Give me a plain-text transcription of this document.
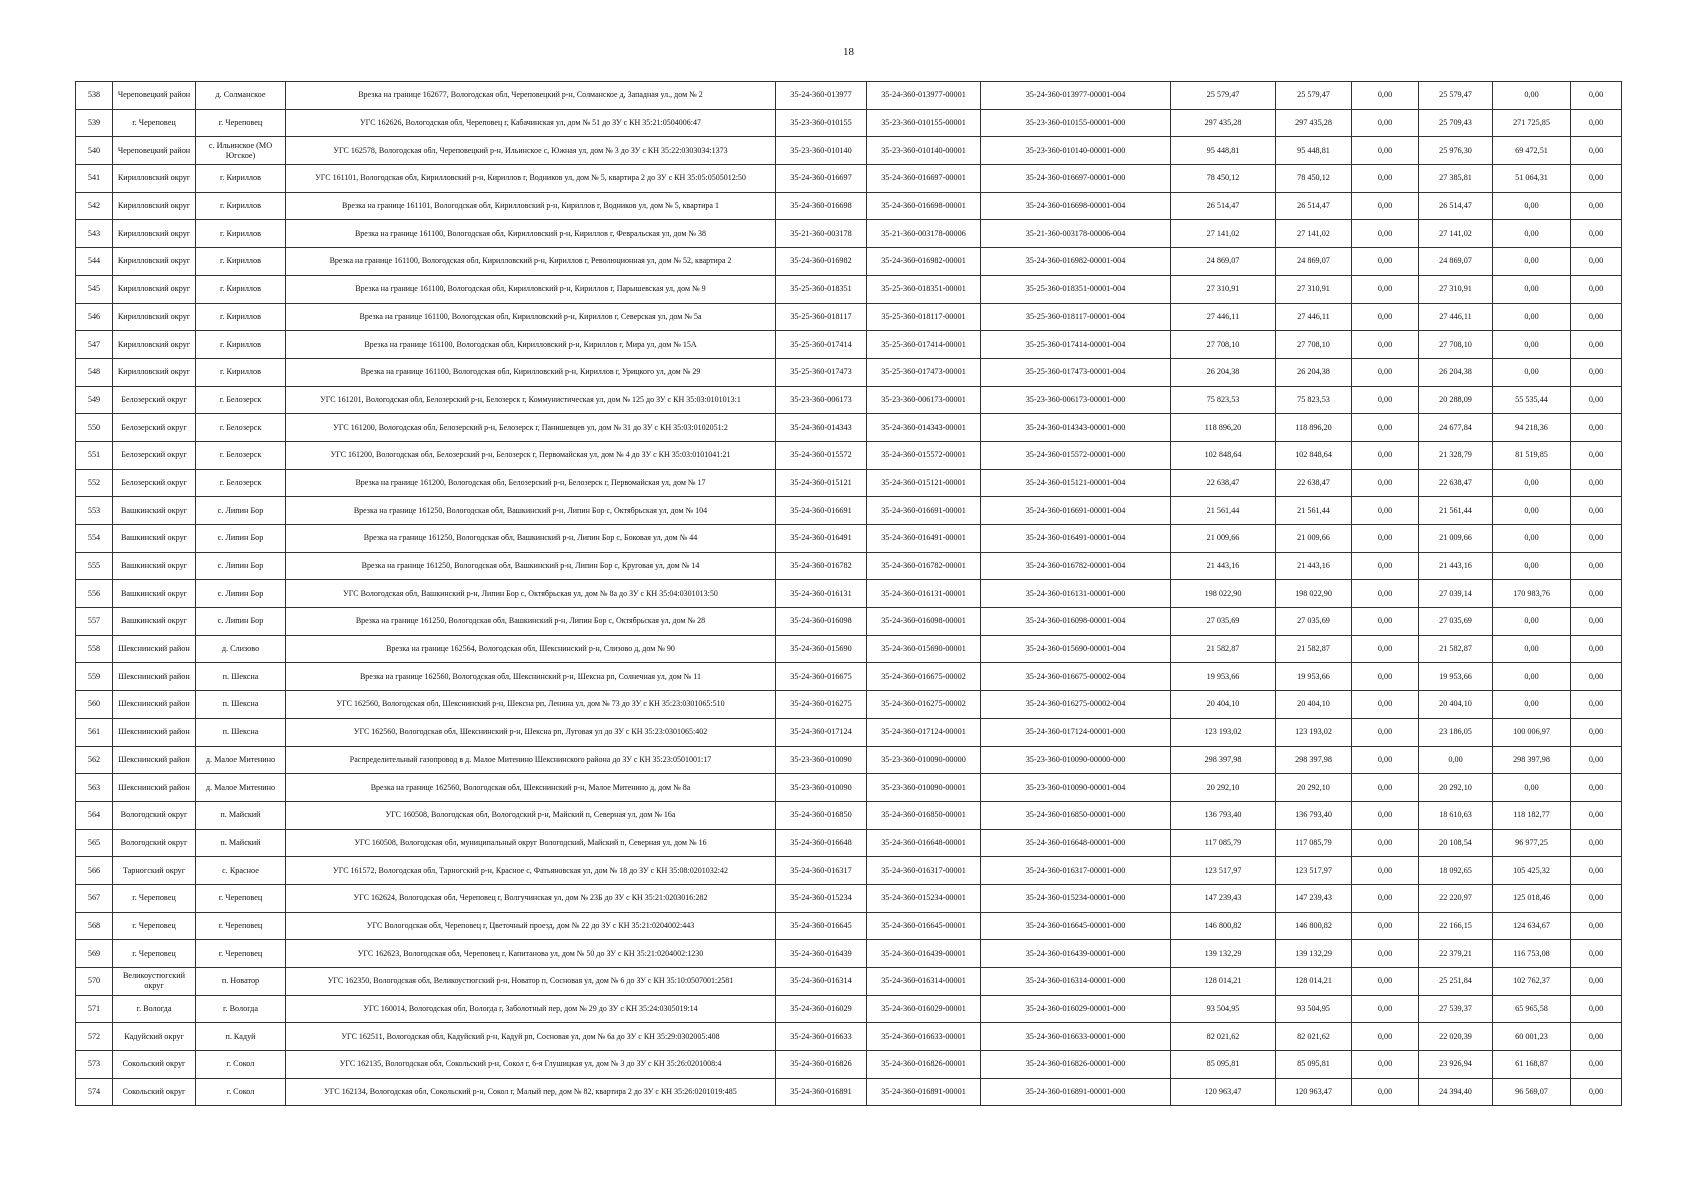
18
538	Череповецкий район	д. Солманское	Врезка на границе 162677, Вологодская обл, Череповецкий р-н, Солманское д, Западная ул., дом № 2	35-24-360-013977	35-24-360-013977-00001	35-24-360-013977-00001-004	25 579,47	25 579,47	0,00	25 579,47	0,00	0,00
539	г. Череповец	г. Череповец	УГС 162626, Вологодская обл, Череповец г, Кабачинская ул, дом № 51 до ЗУ с КН 35:21:0504006:47	35-23-360-010155	35-23-360-010155-00001	35-23-360-010155-00001-000	297 435,28	297 435,28	0,00	25 709,43	271 725,85	0,00
540	Череповецкий район	с. Ильинское (МО Югское)	УГС 162578, Вологодская обл, Череповецкий р-н, Ильинское с, Южная ул, дом № 3 до ЗУ с КН 35:22:0303034:1373	35-23-360-010140	35-23-360-010140-00001	35-23-360-010140-00001-000	95 448,81	95 448,81	0,00	25 976,30	69 472,51	0,00
541	Кирилловский округ	г. Кириллов	УГС 161101, Вологодская обл, Кирилловский р-н, Кириллов г, Водников ул, дом № 5, квартира 2 до ЗУ с КН 35:05:0505012:50	35-24-360-016697	35-24-360-016697-00001	35-24-360-016697-00001-000	78 450,12	78 450,12	0,00	27 385,81	51 064,31	0,00
542	Кирилловский округ	г. Кириллов	Врезка на границе 161101, Вологодская обл, Кирилловский р-н, Кириллов г, Водников ул, дом № 5, квартира 1	35-24-360-016698	35-24-360-016698-00001	35-24-360-016698-00001-004	26 514,47	26 514,47	0,00	26 514,47	0,00	0,00
543	Кирилловский округ	г. Кириллов	Врезка на границе 161100, Вологодская обл, Кирилловский р-н, Кириллов г, Февральская ул, дом № 38	35-21-360-003178	35-21-360-003178-00006	35-21-360-003178-00006-004	27 141,02	27 141,02	0,00	27 141,02	0,00	0,00
544	Кирилловский округ	г. Кириллов	Врезка на границе 161100, Вологодская обл, Кирилловский р-н, Кириллов г, Революционная ул, дом № 52, квартира 2	35-24-360-016982	35-24-360-016982-00001	35-24-360-016982-00001-004	24 869,07	24 869,07	0,00	24 869,07	0,00	0,00
545	Кирилловский округ	г. Кириллов	Врезка на границе 161100, Вологодская обл, Кирилловский р-н, Кириллов г, Парышевская ул, дом № 9	35-25-360-018351	35-25-360-018351-00001	35-25-360-018351-00001-004	27 310,91	27 310,91	0,00	27 310,91	0,00	0,00
546	Кирилловский округ	г. Кириллов	Врезка на границе 161100, Вологодская обл, Кирилловский р-н, Кириллов г, Северская ул, дом № 5а	35-25-360-018117	35-25-360-018117-00001	35-25-360-018117-00001-004	27 446,11	27 446,11	0,00	27 446,11	0,00	0,00
547	Кирилловский округ	г. Кириллов	Врезка на границе 161100, Вологодская обл, Кирилловский р-н, Кириллов г, Мира ул, дом № 15А	35-25-360-017414	35-25-360-017414-00001	35-25-360-017414-00001-004	27 708,10	27 708,10	0,00	27 708,10	0,00	0,00
548	Кирилловский округ	г. Кириллов	Врезка на границе 161100, Вологодская обл, Кирилловский р-н, Кириллов г, Урицкого ул, дом № 29	35-25-360-017473	35-25-360-017473-00001	35-25-360-017473-00001-004	26 204,38	26 204,38	0,00	26 204,38	0,00	0,00
549	Белозерский округ	г. Белозерск	УГС 161201, Вологодская обл, Белозерский р-н, Белозерск г, Коммунистическая ул, дом № 125 до ЗУ с КН 35:03:0101013:1	35-23-360-006173	35-23-360-006173-00001	35-23-360-006173-00001-000	75 823,53	75 823,53	0,00	20 288,09	55 535,44	0,00
550	Белозерский округ	г. Белозерск	УГС 161200, Вологодская обл, Белозерский р-н, Белозерск г, Панишевцев ул, дом № 31 до ЗУ с КН 35:03:0102051:2	35-24-360-014343	35-24-360-014343-00001	35-24-360-014343-00001-000	118 896,20	118 896,20	0,00	24 677,84	94 218,36	0,00
551	Белозерский округ	г. Белозерск	УГС 161200, Вологодская обл, Белозерский р-н, Белозерск г, Первомайская ул, дом № 4 до ЗУ с КН 35:03:0101041:21	35-24-360-015572	35-24-360-015572-00001	35-24-360-015572-00001-000	102 848,64	102 848,64	0,00	21 328,79	81 519,85	0,00
552	Белозерский округ	г. Белозерск	Врезка на границе 161200, Вологодская обл, Белозерский р-н, Белозерск г, Первомайская ул, дом № 17	35-24-360-015121	35-24-360-015121-00001	35-24-360-015121-00001-004	22 638,47	22 638,47	0,00	22 638,47	0,00	0,00
553	Вашкинский округ	с. Липин Бор	Врезка на границе 161250, Вологодская обл, Вашкинский р-н, Липин Бор с, Октябрьская ул, дом № 104	35-24-360-016691	35-24-360-016691-00001	35-24-360-016691-00001-004	21 561,44	21 561,44	0,00	21 561,44	0,00	0,00
554	Вашкинский округ	с. Липин Бор	Врезка на границе 161250, Вологодская обл, Вашкинский р-н, Липин Бор с, Боковая ул, дом № 44	35-24-360-016491	35-24-360-016491-00001	35-24-360-016491-00001-004	21 009,66	21 009,66	0,00	21 009,66	0,00	0,00
555	Вашкинский округ	с. Липин Бор	Врезка на границе 161250, Вологодская обл, Вашкинский р-н, Липин Бор с, Круговая ул, дом № 14	35-24-360-016782	35-24-360-016782-00001	35-24-360-016782-00001-004	21 443,16	21 443,16	0,00	21 443,16	0,00	0,00
556	Вашкинский округ	с. Липин Бор	УГС Вологодская обл, Вашкинский р-н, Липин Бор с, Октябрьская ул, дом № 8а до ЗУ с КН 35:04:0301013:50	35-24-360-016131	35-24-360-016131-00001	35-24-360-016131-00001-000	198 022,90	198 022,90	0,00	27 039,14	170 983,76	0,00
557	Вашкинский округ	с. Липин Бор	Врезка на границе 161250, Вологодская обл, Вашкинский р-н, Липин Бор с, Октябрьская ул, дом № 28	35-24-360-016098	35-24-360-016098-00001	35-24-360-016098-00001-004	27 035,69	27 035,69	0,00	27 035,69	0,00	0,00
558	Шекснинский район	д. Слизово	Врезка на границе 162564, Вологодская обл, Шекснинский р-н, Слизово д, дом № 90	35-24-360-015690	35-24-360-015690-00001	35-24-360-015690-00001-004	21 582,87	21 582,87	0,00	21 582,87	0,00	0,00
559	Шекснинский район	п. Шексна	Врезка на границе 162560, Вологодская обл, Шекснинский р-н, Шексна рп, Солнечная ул, дом № 11	35-24-360-016675	35-24-360-016675-00002	35-24-360-016675-00002-004	19 953,66	19 953,66	0,00	19 953,66	0,00	0,00
560	Шекснинский район	п. Шексна	УГС 162560, Вологодская обл, Шекснинский р-н, Шексна рп, Ленина ул, дом № 73 до ЗУ с КН 35:23:0301065:510	35-24-360-016275	35-24-360-016275-00002	35-24-360-016275-00002-004	20 404,10	20 404,10	0,00	20 404,10	0,00	0,00
561	Шекснинский район	п. Шексна	УГС 162560, Вологодская обл, Шекснинский р-н, Шексна рп, Луговая ул до ЗУ с КН 35:23:0301065:402	35-24-360-017124	35-24-360-017124-00001	35-24-360-017124-00001-000	123 193,02	123 193,02	0,00	23 186,05	100 006,97	0,00
562	Шекснинский район	д. Малое Митенино	Распределительный газопровод в д. Малое Митенино Шекснинского района до ЗУ с КН 35:23:0501001:17	35-23-360-010090	35-23-360-010090-00000	35-23-360-010090-00000-000	298 397,98	298 397,98	0,00	0,00	298 397,98	0,00
563	Шекснинский район	д. Малое Митенино	Врезка на границе 162560, Вологодская обл, Шекснинский р-н, Малое Митенино д, дом № 8а	35-23-360-010090	35-23-360-010090-00001	35-23-360-010090-00001-004	20 292,10	20 292,10	0,00	20 292,10	0,00	0,00
564	Вологодский округ	п. Майский	УГС 160508, Вологодская обл, Вологодский р-н, Майский п, Северная ул, дом № 16а	35-24-360-016850	35-24-360-016850-00001	35-24-360-016850-00001-000	136 793,40	136 793,40	0,00	18 610,63	118 182,77	0,00
565	Вологодский округ	п. Майский	УГС 160508, Вологодская обл, муниципальный округ Вологодский, Майский п, Северная ул, дом № 16	35-24-360-016648	35-24-360-016648-00001	35-24-360-016648-00001-000	117 085,79	117 085,79	0,00	20 108,54	96 977,25	0,00
566	Тарногский округ	с. Красное	УГС 161572, Вологодская обл, Тарногский р-н, Красное с, Фатьяновская ул, дом № 18 до ЗУ с КН 35:08:0201032:42	35-24-360-016317	35-24-360-016317-00001	35-24-360-016317-00001-000	123 517,97	123 517,97	0,00	18 092,65	105 425,32	0,00
567	г. Череповец	г. Череповец	УГС 162624, Вологодская обл, Череповец г, Волгучинская ул, дом № 23Б до ЗУ с КН 35:21:0203016:282	35-24-360-015234	35-24-360-015234-00001	35-24-360-015234-00001-000	147 239,43	147 239,43	0,00	22 220,97	125 018,46	0,00
568	г. Череповец	г. Череповец	УГС Вологодская обл, Череповец г, Цветочный проезд, дом № 22 до ЗУ с КН 35:21:0204002:443	35-24-360-016645	35-24-360-016645-00001	35-24-360-016645-00001-000	146 800,82	146 800,82	0,00	22 166,15	124 634,67	0,00
569	г. Череповец	г. Череповец	УГС 162623, Вологодская обл, Череповец г, Капитанова ул, дом № 50 до ЗУ с КН 35:21:0204002:1230	35-24-360-016439	35-24-360-016439-00001	35-24-360-016439-00001-000	139 132,29	139 132,29	0,00	22 379,21	116 753,08	0,00
570	Великоустюгский округ	п. Новатор	УГС 162350, Вологодская обл, Великоустюгский р-н, Новатор п, Сосновая ул, дом № 6 до ЗУ с КН 35:10:0507001:2581	35-24-360-016314	35-24-360-016314-00001	35-24-360-016314-00001-000	128 014,21	128 014,21	0,00	25 251,84	102 762,37	0,00
571	г. Вологда	г. Вологда	УГС 160014, Вологодская обл, Вологда г, Заболотный пер, дом № 29 до ЗУ с КН 35:24:0305019:14	35-24-360-016029	35-24-360-016029-00001	35-24-360-016029-00001-000	93 504,95	93 504,95	0,00	27 539,37	65 965,58	0,00
572	Кадуйский округ	п. Кадуй	УГС 162511, Вологодская обл, Кадуйский р-н, Кадуй рп, Сосновая ул, дом № 6а до ЗУ с КН 35:29:0302005:408	35-24-360-016633	35-24-360-016633-00001	35-24-360-016633-00001-000	82 021,62	82 021,62	0,00	22 020,39	60 001,23	0,00
573	Сокольский округ	г. Сокол	УГС 162135, Вологодская обл, Сокольский р-н, Сокол г, 6-я Глушицкая ул, дом № 3 до ЗУ с КН 35:26:0201008:4	35-24-360-016826	35-24-360-016826-00001	35-24-360-016826-00001-000	85 095,81	85 095,81	0,00	23 926,94	61 168,87	0,00
574	Сокольский округ	г. Сокол	УГС 162134, Вологодская обл, Сокольский р-н, Сокол г, Малый пер, дом № 82, квартира 2 до ЗУ с КН 35:26:0201019:485	35-24-360-016891	35-24-360-016891-00001	35-24-360-016891-00001-000	120 963,47	120 963,47	0,00	24 394,40	96 569,07	0,00
